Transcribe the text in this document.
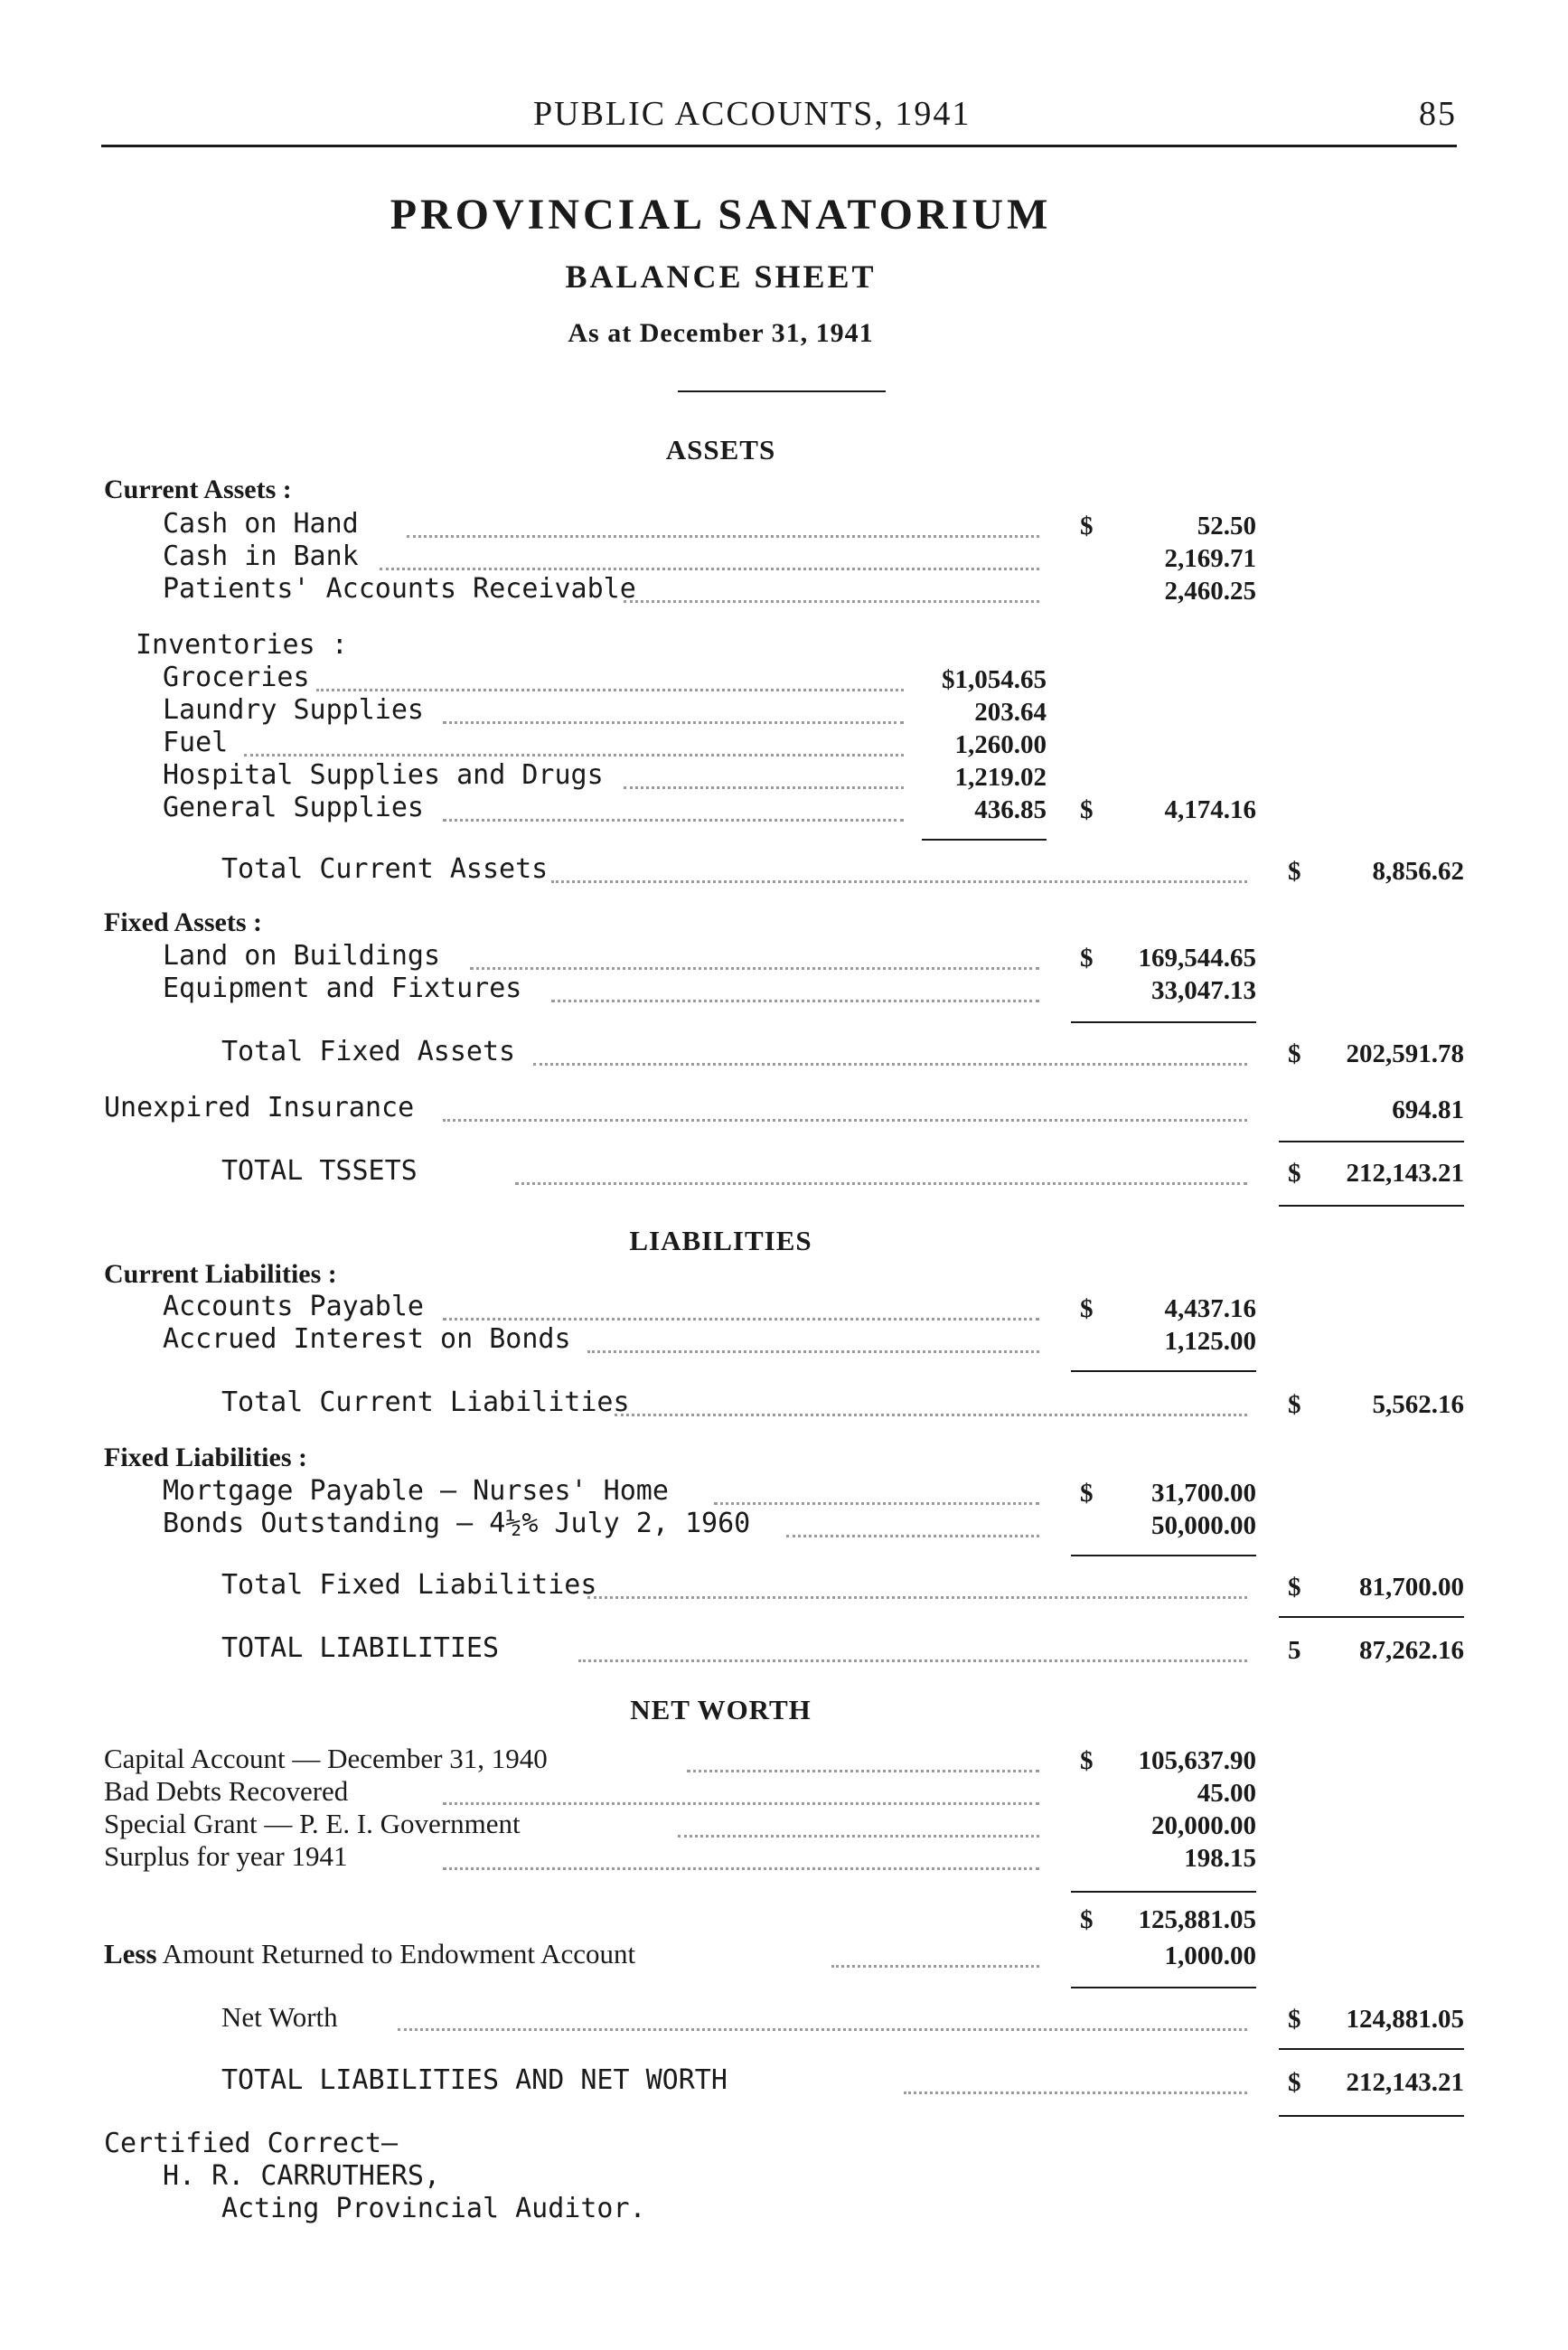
PUBLIC ACCOUNTS, 1941	85
PROVINCIAL SANATORIUM
BALANCE SHEET
As at December 31, 1941
ASSETS
Current Assets :
Cash on Hand	$	52.50
Cash in Bank	2,169.71
Patients' Accounts Receivable	2,460.25
Inventories :
Groceries	$1,054.65
Laundry Supplies	203.64
Fuel	1,260.00
Hospital Supplies and Drugs	1,219.02
General Supplies	436.85 $	4,174.16
Total Current Assets	$	8,856.62
Fixed Assets :
Land on Buildings	$	169,544.65
Equipment and Fixtures	33,047.13
Total Fixed Assets	$	202,591.78
Unexpired Insurance	694.81
TOTAL TSSETS	$	212,143.21
LIABILITIES
Current Liabilities :
Accounts Payable	$	4,437.16
Accrued Interest on Bonds	1,125.00
Total Current Liabilities	$	5,562.16
Fixed Liabilities :
Mortgage Payable — Nurses' Home	$	31,700.00
Bonds Outstanding — 4½% July 2, 1960	50,000.00
Total Fixed Liabilities	$	81,700.00
TOTAL LIABILITIES	5	87,262.16
NET WORTH
Capital Account — December 31, 1940	$	105,637.90
Bad Debts Recovered	45.00
Special Grant — P. E. I. Government	20,000.00
Surplus for year 1941	198.15
$	125,881.05
Less Amount Returned to Endowment Account	1,000.00
Net Worth	$	124,881.05
TOTAL LIABILITIES AND NET WORTH	$	212,143.21
Certified Correct—
H. R. CARRUTHERS,
Acting Provincial Auditor.
